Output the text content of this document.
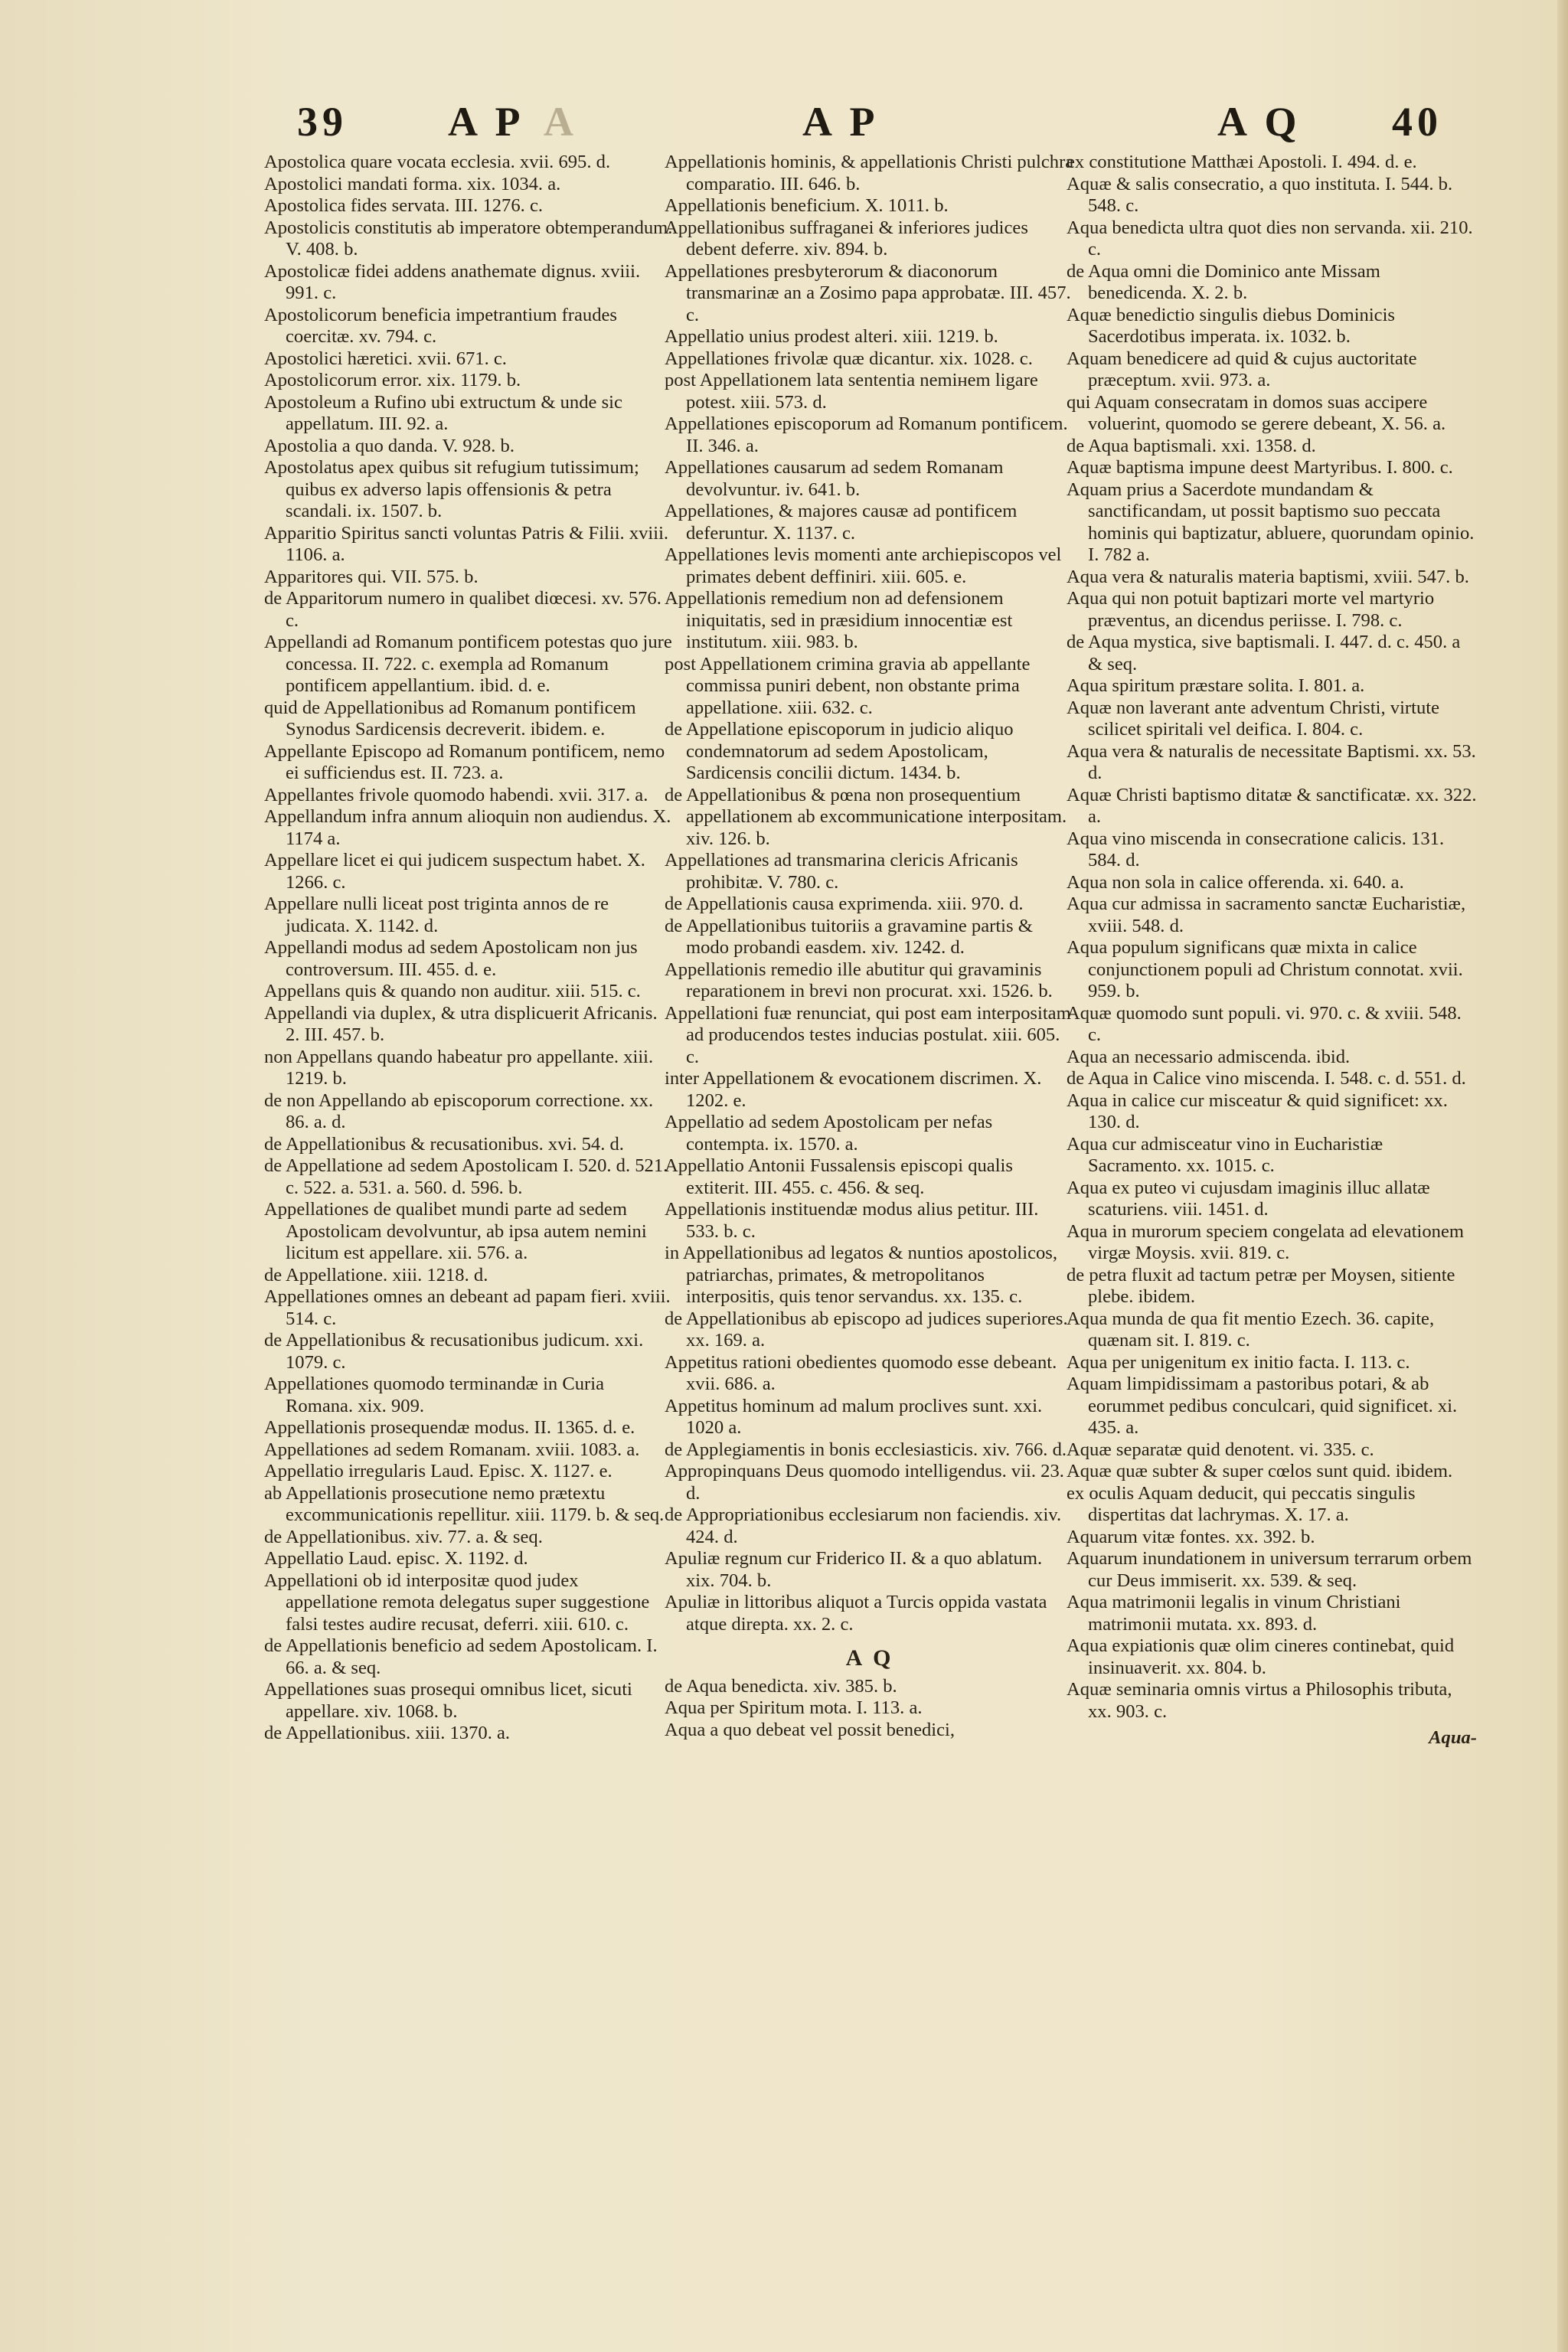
39 A P A	A P	A Q 40

Apostolica quare vocata ecclesia. xvii. 695. d.

Apostolici mandati forma. xix. 1034. a.

Apostolica fides servata. III. 1276. c.

Apostolicis constitutis ab imperatore obtemperandum. V. 408. b.

Apostolicæ fidei addens anathemate dignus. xviii. 991. c.

Apostolicorum beneficia impetrantium fraudes coercitæ. xv. 794. c.

Apostolici hæretici. xvii. 671. c.

Apostolicorum error. xix. 1179. b.

Apostoleum a Rufino ubi extructum & unde sic appellatum. III. 92. a.

Apostolia a quo danda. V. 928. b.

Apostolatus apex quibus sit refugium tutissimum; quibus ex adverso lapis offensionis & petra scandali. ix. 1507. b.

Apparitio Spiritus sancti voluntas Patris & Filii. xviii. 1106. a.

Apparitores qui. VII. 575. b.

de Apparitorum numero in qualibet diœcesi. xv. 576. c.

Appellandi ad Romanum pontificem potestas quo jure concessa. II. 722. c. exempla ad Romanum pontificem appellantium. ibid. d. e.

quid de Appellationibus ad Romanum pontificem Synodus Sardicensis decreverit. ibidem. e.

Appellante Episcopo ad Romanum pontificem, nemo ei sufficiendus est. II. 723. a.

Appellantes frivole quomodo habendi. xvii. 317. a.

Appellandum infra annum alioquin non audiendus. X. 1174 a.

Appellare licet ei qui judicem suspectum habet. X. 1266. c.

Appellare nulli liceat post triginta annos de re judicata. X. 1142. d.

Appellandi modus ad sedem Apostolicam non jus controversum. III. 455. d. e.

Appellans quis & quando non auditur. xiii. 515. c.

Appellandi via duplex, & utra displicuerit Africanis. 2. III. 457. b.

non Appellans quando habeatur pro appellante. xiii. 1219. b.

de non Appellando ab episcoporum correctione. xx. 86. a. d.

de Appellationibus & recusationibus. xvi. 54. d.

de Appellatione ad sedem Apostolicam I. 520. d. 521. c. 522. a. 531. a. 560. d. 596. b.

Appellationes de qualibet mundi parte ad sedem Apostolicam devolvuntur, ab ipsa autem nemini licitum est appellare. xii. 576. a.

de Appellatione. xiii. 1218. d.

Appellationes omnes an debeant ad papam fieri. xviii. 514. c.

de Appellationibus & recusationibus judicum. xxi. 1079. c.

Appellationes quomodo terminandæ in Curia Romana. xix. 909.

Appellationis prosequendæ modus. II. 1365. d. e.

Appellationes ad sedem Romanam. xviii. 1083. a.

Appellatio irregularis Laud. Episc. X. 1127. e.

ab Appellationis prosecutione nemo prætextu excommunicationis repellitur. xiii. 1179. b. & seq.

de Appellationibus. xiv. 77. a. & seq.

Appellatio Laud. episc. X. 1192. d.

Appellationi ob id interpositæ quod judex appellatione remota delegatus super suggestione falsi testes audire recusat, deferri. xiii. 610. c.

de Appellationis beneficio ad sedem Apostolicam. I. 66. a. & seq.

Appellationes suas prosequi omnibus licet, sicuti appellare. xiv. 1068. b.

de Appellationibus. xiii. 1370. a.

Appellationis hominis, & appellationis Christi pulchra comparatio. III. 646. b.

Appellationis beneficium. X. 1011. b.

Appellationibus suffraganei & inferiores judices debent deferre. xiv. 894. b.

Appellationes presbyterorum & diaconorum transmarinæ an a Zosimo papa approbatæ. III. 457. c.

Appellatio unius prodest alteri. xiii. 1219. b.

Appellationes frivolæ quæ dicantur. xix. 1028. c.

post Appellationem lata sententia nemінem ligare potest. xiii. 573. d.

Appellationes episcoporum ad Romanum pontificem. II. 346. a.

Appellationes causarum ad sedem Romanam devolvuntur. iv. 641. b.

Appellationes, & majores causæ ad pontificem deferuntur. X. 1137. c.

Appellationes levis momenti ante archiepiscopos vel primates debent deffiniri. xiii. 605. e.

Appellationis remedium non ad defensionem iniquitatis, sed in præsidium innocentiæ est institutum. xiii. 983. b.

post Appellationem crimina gravia ab appellante commissa puniri debent, non obstante prima appellatione. xiii. 632. c.

de Appellatione episcoporum in judicio aliquo condemnatorum ad sedem Apostolicam, Sardicensis concilii dictum. 1434. b.

de Appellationibus & pœna non prosequentium appellationem ab excommunicatione interpositam. xiv. 126. b.

Appellationes ad transmarina clericis Africanis prohibitæ. V. 780. c.

de Appellationis causa exprimenda. xiii. 970. d.

de Appellationibus tuitoriis a gravamine partis & modo probandi easdem. xiv. 1242. d.

Appellationis remedio ille abutitur qui gravaminis reparationem in brevi non procurat. xxi. 1526. b.

Appellationi fuæ renunciat, qui post eam interpositam ad producendos testes inducias postulat. xiii. 605. c.

inter Appellationem & evocationem discrimen. X. 1202. e.

Appellatio ad sedem Apostolicam per nefas contempta. ix. 1570. a.

Appellatio Antonii Fussalensis episcopi qualis extiterit. III. 455. c. 456. & seq.

Appellationis instituendæ modus alius petitur. III. 533. b. c.

in Appellationibus ad legatos & nuntios apostolicos, patriarchas, primates, & metropolitanos interpositis, quis tenor servandus. xx. 135. c.

de Appellationibus ab episcopo ad judices superiores. xx. 169. a.

Appetitus rationi obedientes quomodo esse debeant. xvii. 686. a.

Appetitus hominum ad malum proclives sunt. xxi. 1020 a.

de Applegiamentis in bonis ecclesiasticis. xiv. 766. d.

Appropinquans Deus quomodo intelligendus. vii. 23. d.

de Appropriationibus ecclesiarum non faciendis. xiv. 424. d.

Apuliæ regnum cur Friderico II. & a quo ablatum. xix. 704. b.

Apuliæ in littoribus aliquot a Turcis oppida vastata atque direpta. xx. 2. c.

A Q

de Aqua benedicta. xiv. 385. b.

Aqua per Spiritum mota. I. 113. a.

Aqua a quo debeat vel possit benedici,

ex constitutione Matthæi Apostoli. I. 494. d. e.

Aquæ & salis consecratio, a quo instituta. I. 544. b. 548. c.

Aqua benedicta ultra quot dies non servanda. xii. 210. c.

de Aqua omni die Dominico ante Missam benedicenda. X. 2. b.

Aquæ benedictio singulis diebus Dominicis Sacerdotibus imperata. ix. 1032. b.

Aquam benedicere ad quid & cujus auctoritate præceptum. xvii. 973. a.

qui Aquam consecratam in domos suas accipere voluerint, quomodo se gerere debeant, X. 56. a.

de Aqua baptismali. xxi. 1358. d.

Aquæ baptisma impune deest Martyribus. I. 800. c.

Aquam prius a Sacerdote mundandam & sanctificandam, ut possit baptismo suo peccata hominis qui baptizatur, abluere, quorundam opinio. I. 782 a.

Aqua vera & naturalis materia baptismi, xviii. 547. b.

Aqua qui non potuit baptizari morte vel martyrio præventus, an dicendus periisse. I. 798. c.

de Aqua mystica, sive baptismali. I. 447. d. c. 450. a & seq.

Aqua spiritum præstare solita. I. 801. a.

Aquæ non laverant ante adventum Christi, virtute scilicet spiritali vel deifica. I. 804. c.

Aqua vera & naturalis de necessitate Baptismi. xx. 53. d.

Aquæ Christi baptismo ditatæ & sanctificatæ. xx. 322. a.

Aqua vino miscenda in consecratione calicis. 131. 584. d.

Aqua non sola in calice offerenda. xi. 640. a.

Aqua cur admissa in sacramento sanctæ Eucharistiæ, xviii. 548. d.

Aqua populum significans quæ mixta in calice conjunctionem populi ad Christum connotat. xvii. 959. b.

Aquæ quomodo sunt populi. vi. 970. c. & xviii. 548. c.

Aqua an necessario admiscenda. ibid.

de Aqua in Calice vino miscenda. I. 548. c. d. 551. d.

Aqua in calice cur misceatur & quid significet: xx. 130. d.

Aqua cur admisceatur vino in Eucharistiæ Sacramento. xx. 1015. c.

Aqua ex puteo vi cujusdam imaginis illuc allatæ scaturiens. viii. 1451. d.

Aqua in murorum speciem congelata ad elevationem virgæ Moysis. xvii. 819. c.

de petra fluxit ad tactum petræ per Moysen, sitiente plebe. ibidem.

Aqua munda de qua fit mentio Ezech. 36. capite, quænam sit. I. 819. c.

Aqua per unigenitum ex initio facta. I. 113. c.

Aquam limpidissimam a pastoribus potari, & ab eorummet pedibus conculcari, quid significet. xi. 435. a.

Aquæ separatæ quid denotent. vi. 335. c.

Aquæ quæ subter & super cœlos sunt quid. ibidem.

ex oculis Aquam deducit, qui peccatis singulis dispertitas dat lachrymas. X. 17. a.

Aquarum vitæ fontes. xx. 392. b.

Aquarum inundationem in universum terrarum orbem cur Deus immiserit. xx. 539. & seq.

Aqua matrimonii legalis in vinum Christiani matrimonii mutata. xx. 893. d.

Aqua expiationis quæ olim cineres continebat, quid insinuaverit. xx. 804. b.

Aquæ seminaria omnis virtus a Philosophis tributa, xx. 903. c.

Aqua-
